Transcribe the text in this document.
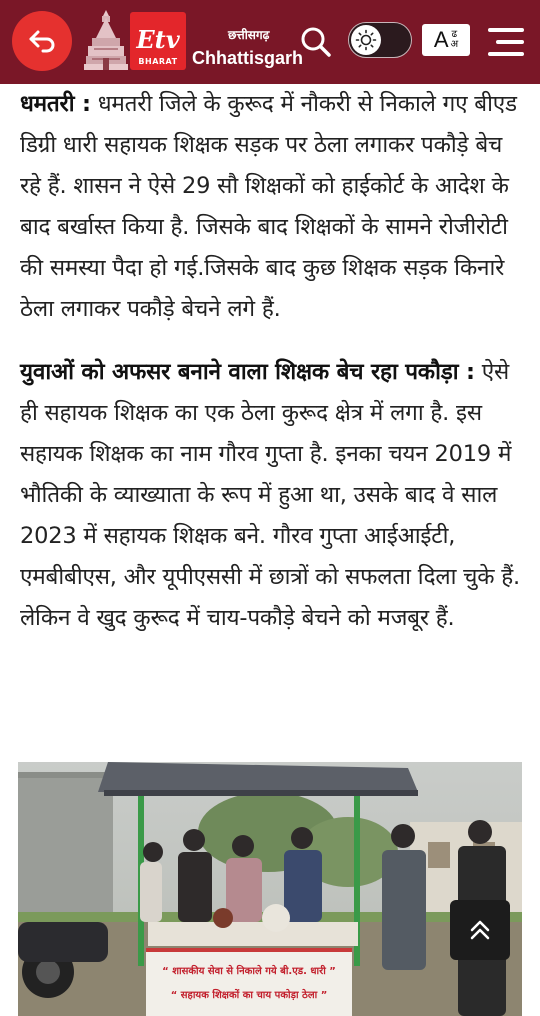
Etv
BHARAT
छत्तीसगढ़
Chhattisgarh
A ढ
अ

धमतरी : धमतरी जिले के कुरूद में नौकरी से निकाले गए बीएड डिग्री धारी सहायक शिक्षक सड़क पर ठेला लगाकर पकौड़े बेच रहे हैं. शासन ने ऐसे 29 सौ शिक्षकों को हाईकोर्ट के आदेश के बाद बर्खास्त किया है. जिसके बाद शिक्षकों के सामने रोजीरोटी की समस्या पैदा हो गई.जिसके बाद कुछ शिक्षक सड़क किनारे ठेला लगाकर पकौड़े बेचने लगे हैं.

युवाओं को अफसर बनाने वाला शिक्षक बेच रहा पकौड़ा : ऐसे ही सहायक शिक्षक का एक ठेला कुरूद क्षेत्र में लगा है. इस सहायक शिक्षक का नाम गौरव गुप्ता है. इनका चयन 2019 में भौतिकी के व्याख्याता के रूप में हुआ था, उसके बाद वे साल 2023 में सहायक शिक्षक बने. गौरव गुप्ता आईआईटी, एमबीबीएस, और यूपीएससी में छात्रों को सफलता दिला चुके हैं. लेकिन वे खुद कुरूद में चाय-पकौड़े बेचने को मजबूर हैं.

“ शासकीय सेवा से निकाले गये बी.एड. धारी ”
“ सहायक शिक्षकों का चाय पकोड़ा ठेला ”
